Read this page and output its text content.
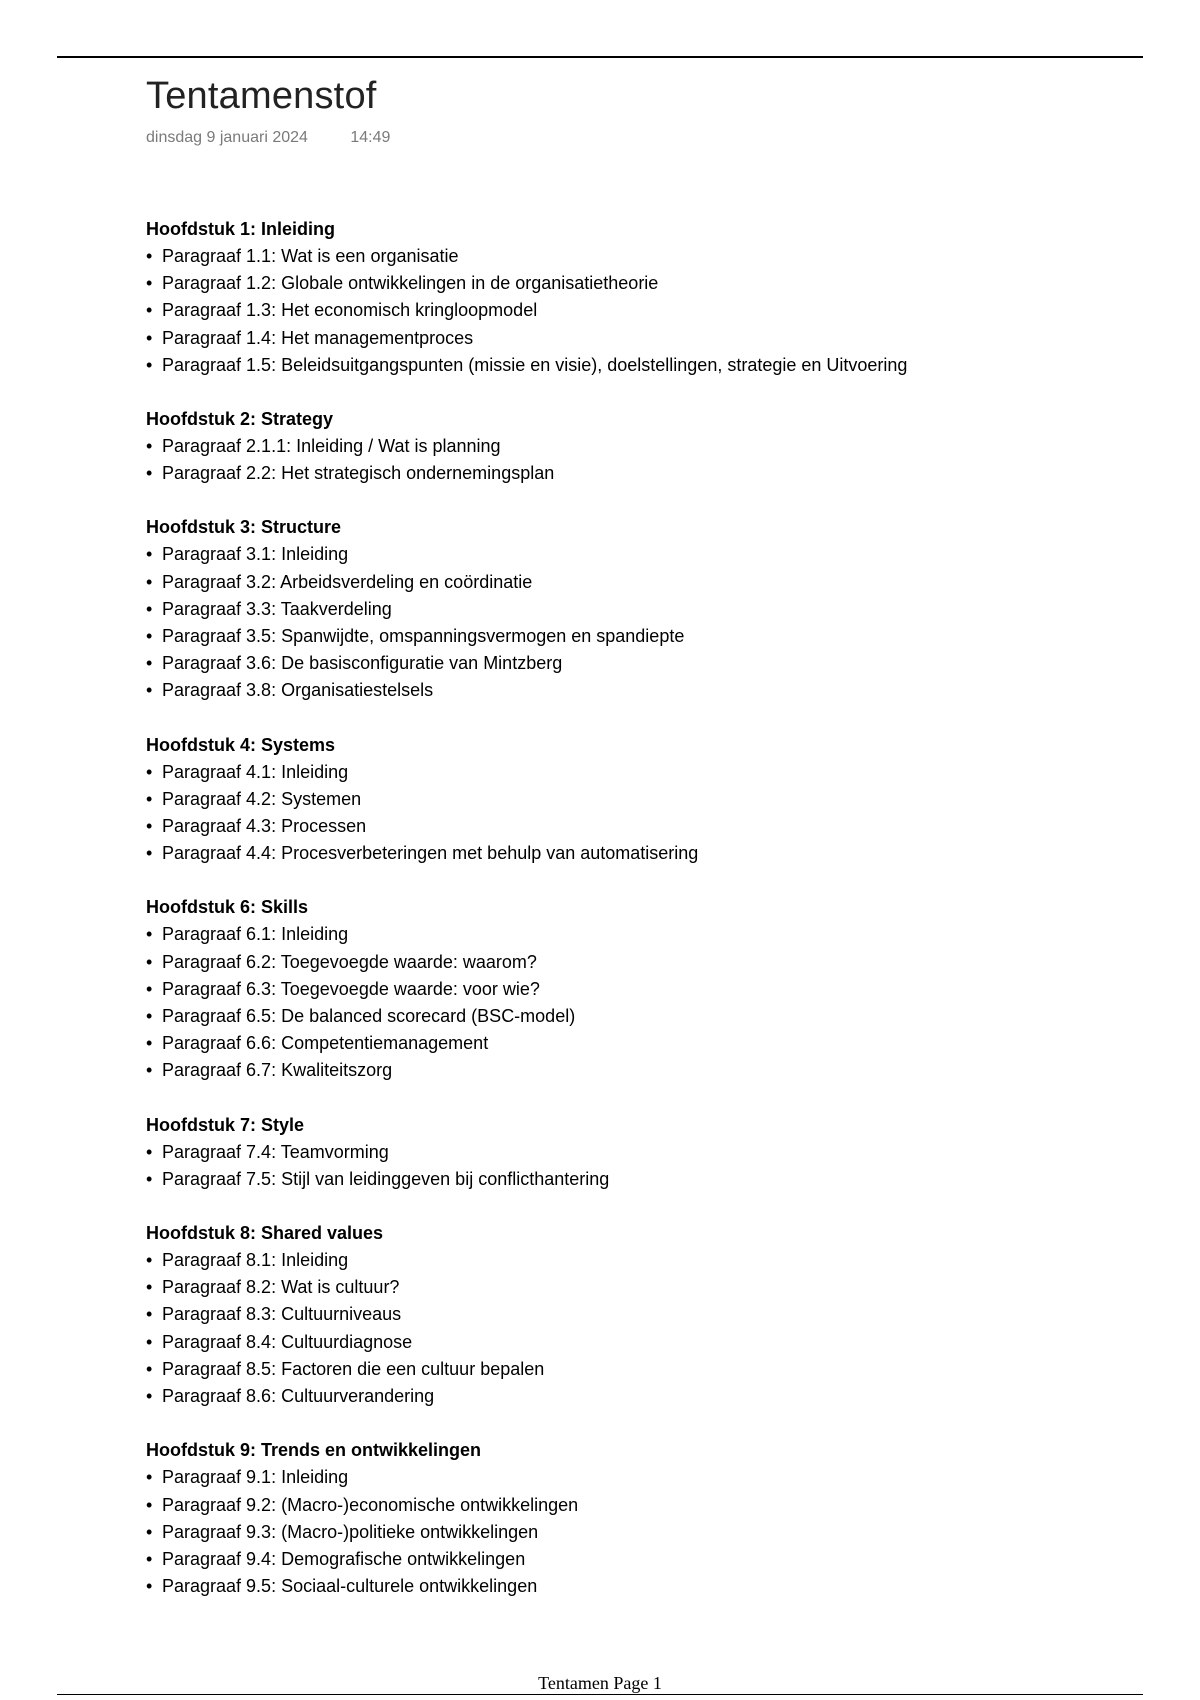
Tentamenstof
dinsdag 9 januari 2024	14:49
Hoofdstuk 1: Inleiding
• Paragraaf 1.1: Wat is een organisatie
• Paragraaf 1.2: Globale ontwikkelingen in de organisatietheorie
• Paragraaf 1.3: Het economisch kringloopmodel
• Paragraaf 1.4: Het managementproces
• Paragraaf 1.5: Beleidsuitgangspunten (missie en visie), doelstellingen, strategie en Uitvoering
Hoofdstuk 2: Strategy
• Paragraaf 2.1.1: Inleiding / Wat is planning
• Paragraaf 2.2: Het strategisch ondernemingsplan
Hoofdstuk 3: Structure
• Paragraaf 3.1: Inleiding
• Paragraaf 3.2: Arbeidsverdeling en coördinatie
• Paragraaf 3.3: Taakverdeling
• Paragraaf 3.5: Spanwijdte, omspanningsvermogen en spandiepte
• Paragraaf 3.6: De basisconfiguratie van Mintzberg
• Paragraaf 3.8: Organisatiestelsels
Hoofdstuk 4: Systems
• Paragraaf 4.1: Inleiding
• Paragraaf 4.2: Systemen
• Paragraaf 4.3: Processen
• Paragraaf 4.4: Procesverbeteringen met behulp van automatisering
Hoofdstuk 6: Skills
• Paragraaf 6.1: Inleiding
• Paragraaf 6.2: Toegevoegde waarde: waarom?
• Paragraaf 6.3: Toegevoegde waarde: voor wie?
• Paragraaf 6.5: De balanced scorecard (BSC-model)
• Paragraaf 6.6: Competentiemanagement
• Paragraaf 6.7: Kwaliteitszorg
Hoofdstuk 7: Style
• Paragraaf 7.4: Teamvorming
• Paragraaf 7.5: Stijl van leidinggeven bij conflicthantering
Hoofdstuk 8: Shared values
• Paragraaf 8.1: Inleiding
• Paragraaf 8.2: Wat is cultuur?
• Paragraaf 8.3: Cultuurniveaus
• Paragraaf 8.4: Cultuurdiagnose
• Paragraaf 8.5: Factoren die een cultuur bepalen
• Paragraaf 8.6: Cultuurverandering
Hoofdstuk 9: Trends en ontwikkelingen
• Paragraaf 9.1: Inleiding
• Paragraaf 9.2: (Macro-)economische ontwikkelingen
• Paragraaf 9.3: (Macro-)politieke ontwikkelingen
• Paragraaf 9.4: Demografische ontwikkelingen
• Paragraaf 9.5: Sociaal-culturele ontwikkelingen
Tentamen Page 1
